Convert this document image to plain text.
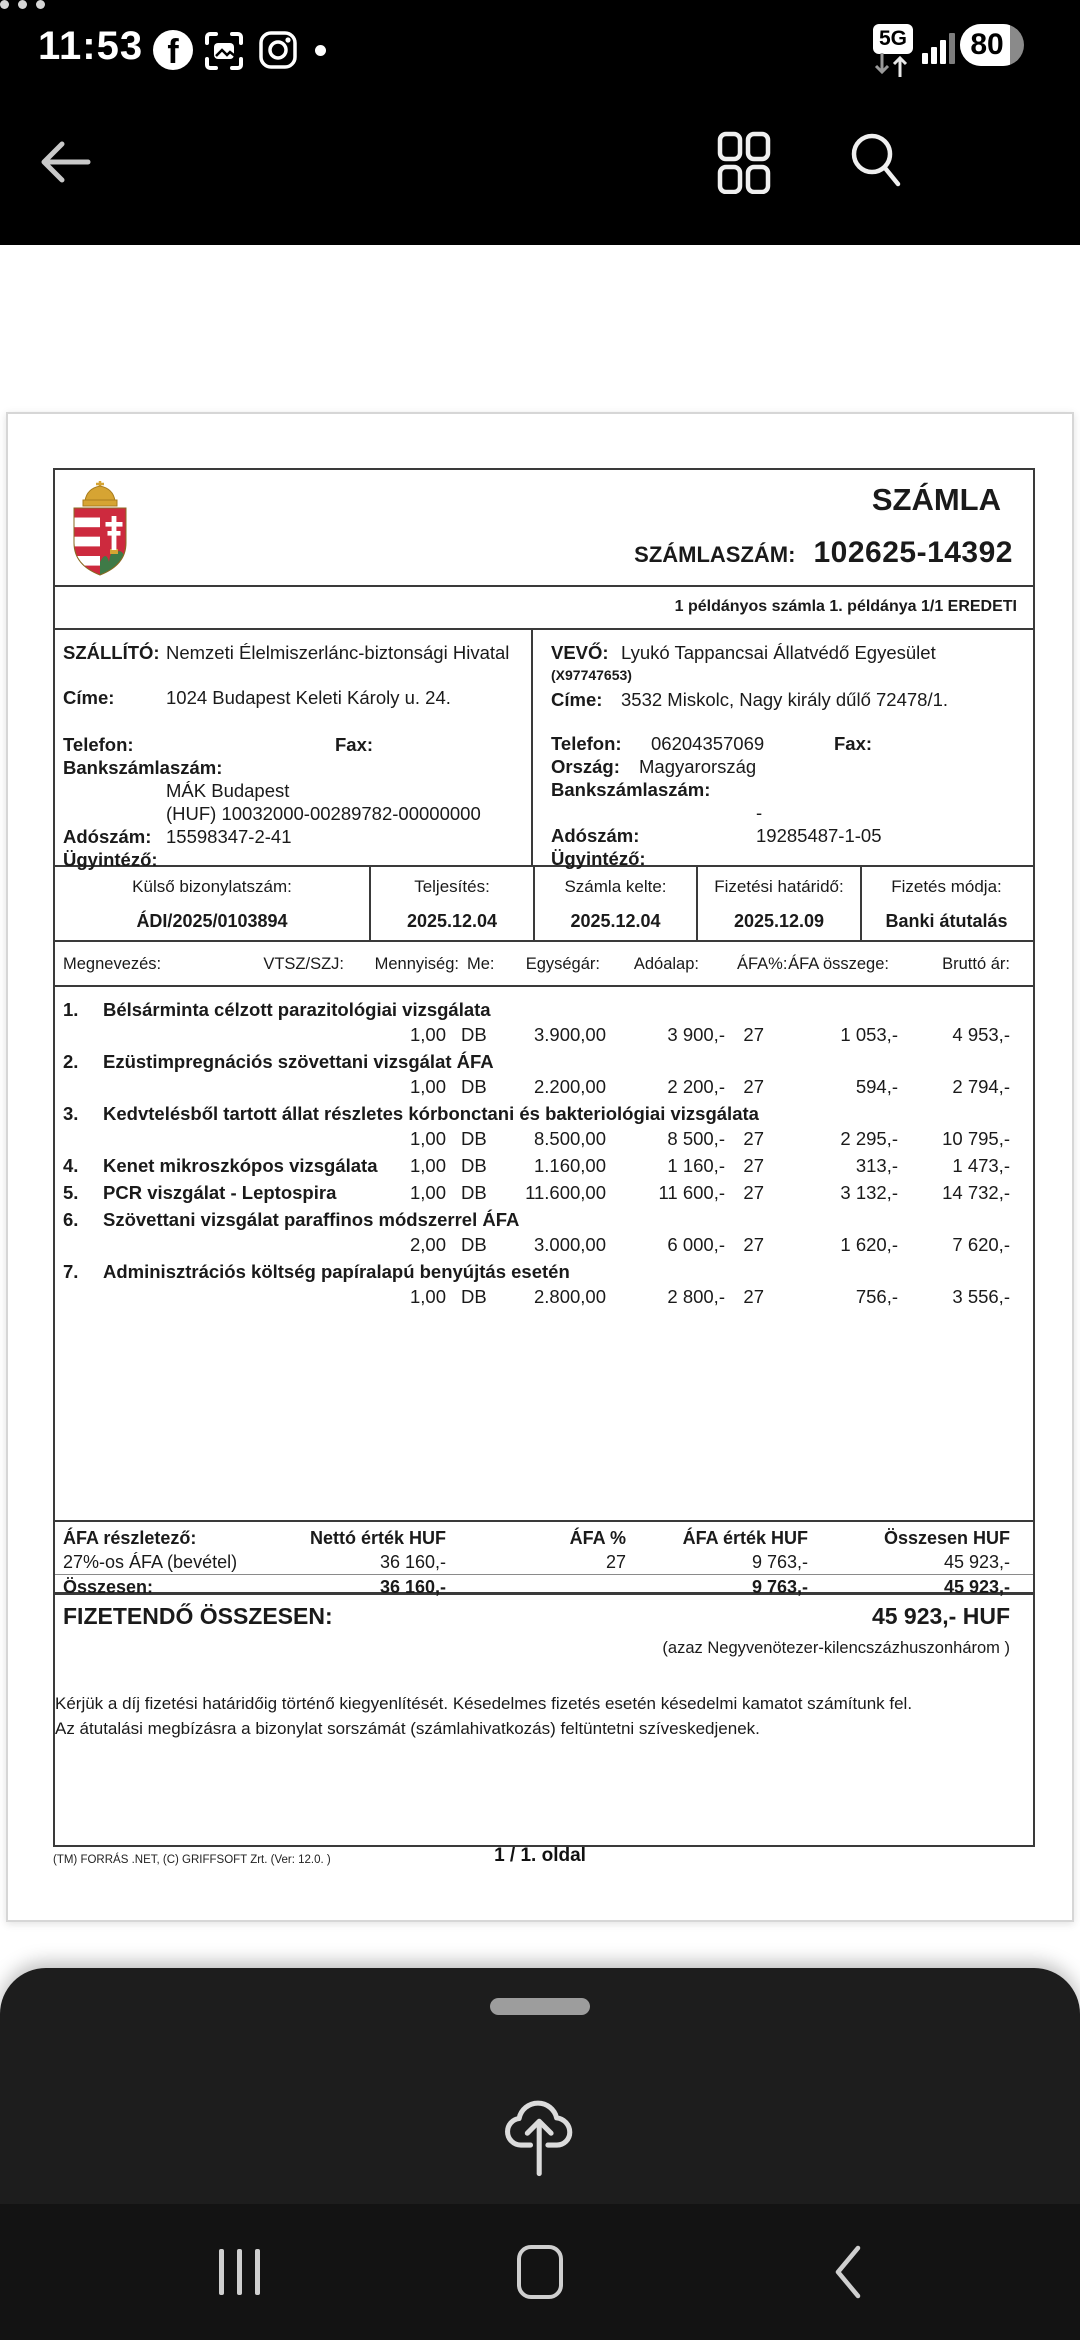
11:53 f	5G	80
SZÁMLA
SZÁMLASZÁM: 102625-14392
1 példányos számla 1. példánya 1/1 EREDETI
SZÁLLÍTÓ: Nemzeti Élelmiszerlánc-biztonsági Hivatal
Címe:	1024 Budapest Keleti Károly u. 24.
Telefon:	Fax:
Bankszámlaszám:
MÁK Budapest
(HUF) 10032000-00289782-00000000
Adószám: 15598347-2-41
Ügyintéző:
VEVŐ: Lyukó Tappancsai Állatvédő Egyesület
(X97747653)
Címe: 3532 Miskolc, Nagy király dűlő 72478/1.
Telefon: 06204357069	Fax:
Ország: Magyarország
Bankszámlaszám:
-
Adószám:	19285487-1-05
Ügyintéző:
Külső bizonylatszám:
ÁDI/2025/0103894
Teljesítés:
2025.12.04
Számla kelte:
2025.12.04
Fizetési határidő:
2025.12.09
Fizetés módja:
Banki átutalás
Megnevezés:	VTSZ/SZJ: Mennyiség: Me: Egységár: Adóalap: ÁFA%: ÁFA összege:	Bruttó ár:
1. Bélsárminta célzott parazitológiai vizsgálata
1,00 DB	3.900,00	3 900,- 27	1 053,-	4 953,-
2. Ezüstimpregnációs szövettani vizsgálat ÁFA
1,00 DB	2.200,00	2 200,- 27	594,-	2 794,-
3. Kedvtelésből tartott állat részletes kórbonctani és bakteriológiai vizsgálata
1,00 DB	8.500,00	8 500,- 27	2 295,- 10 795,-
4. Kenet mikroszkópos vizsgálata 1,00 DB	1.160,00	1 160,- 27	313,-	1 473,-
5. PCR viszgálat - Leptospira	1,00 DB 11.600,00	11 600,- 27	3 132,- 14 732,-
6. Szövettani vizsgálat paraffinos módszerrel ÁFA
2,00 DB	3.000,00	6 000,- 27	1 620,-	7 620,-
7. Adminisztrációs költség papíralapú benyújtás esetén
1,00 DB	2.800,00	2 800,- 27	756,-	3 556,-
ÁFA részletező:	Nettó érték HUF	ÁFA %	ÁFA érték HUF	Összesen HUF
27%-os ÁFA (bevétel)	36 160,-	27	9 763,-	45 923,-
Összesen:	36 160,-	9 763,-	45 923,-
FIZETENDŐ ÖSSZESEN:	45 923,- HUF
(azaz Negyvenötezer-kilencszázhuszonhárom )
Kérjük a díj fizetési határidőig történő kiegyenlítését. Késedelmes fizetés esetén késedelmi kamatot számítunk fel.
Az átutalási megbízásra a bizonylat sorszámát (számlahivatkozás) feltüntetni szíveskedjenek.
(TM) FORRÁS .NET, (C) GRIFFSOFT Zrt. (Ver: 12.0. )	1 / 1. oldal
